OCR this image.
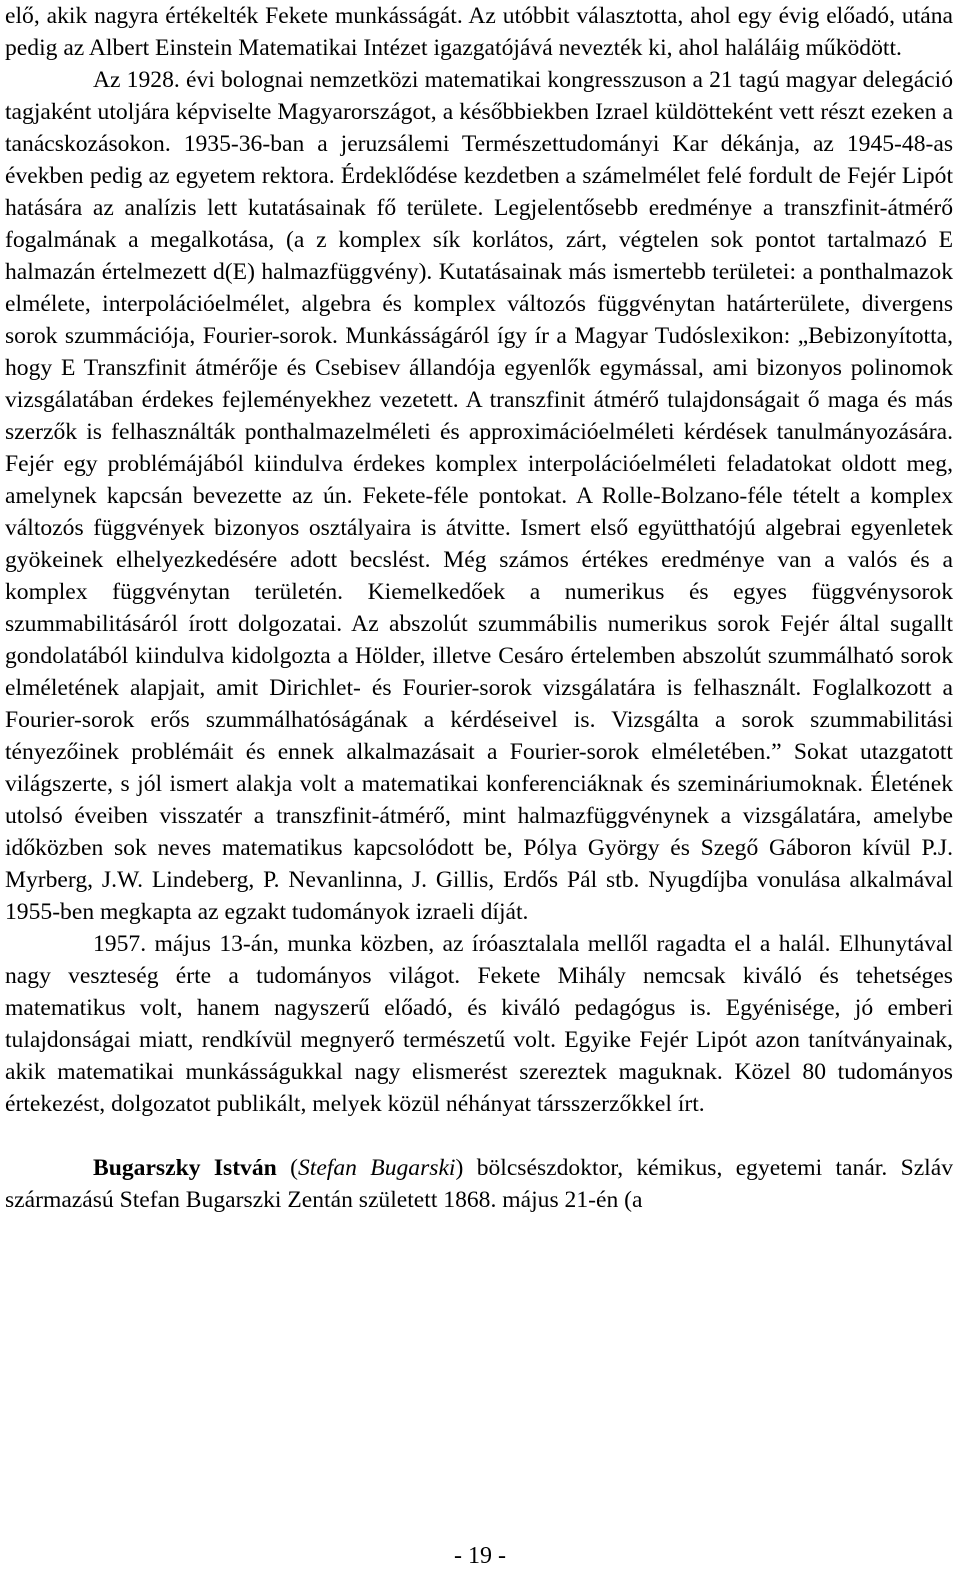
elő, akik nagyra értékelték Fekete munkásságát. Az utóbbit választotta, ahol egy évig előadó, utána pedig az Albert Einstein Matematikai Intézet igazgatójává nevezték ki, ahol haláláig működött.

Az 1928. évi bolognai nemzetközi matematikai kongresszuson a 21 tagú magyar delegáció tagjaként utoljára képviselte Magyarországot, a későbbiekben Izrael küldötteként vett részt ezeken a tanácskozásokon. 1935-36-ban a jeruzsálemi Természettudományi Kar dékánja, az 1945-48-as években pedig az egyetem rektora. Érdeklődése kezdetben a számelmélet felé fordult de Fejér Lipót hatására az analízis lett kutatásainak fő területe. Legjelentősebb eredménye a transzfinit-átmérő fogalmának a megalkotása, (a z komplex sík korlátos, zárt, végtelen sok pontot tartalmazó E halmazán értelmezett d(E) halmazfüggvény). Kutatásainak más ismertebb területei: a ponthalmazok elmélete, interpolációelmélet, algebra és komplex változós függvénytan határterülete, divergens sorok szummációja, Fourier-sorok. Munkásságáról így ír a Magyar Tudóslexikon: „Bebizonyította, hogy E Transzfinit átmérője és Csebisev állandója egyenlők egymással, ami bizonyos polinomok vizsgálatában érdekes fejleményekhez vezetett. A transzfinit átmérő tulajdonságait ő maga és más szerzők is felhasználták ponthalmazelméleti és approximációelméleti kérdések tanulmányozására. Fejér egy problémájából kiindulva érdekes komplex interpolációelméleti feladatokat oldott meg, amelynek kapcsán bevezette az ún. Fekete-féle pontokat. A Rolle-Bolzano-féle tételt a komplex változós függvények bizonyos osztályaira is átvitte. Ismert első együtthatójú algebrai egyenletek gyökeinek elhelyezkedésére adott becslést. Még számos értékes eredménye van a valós és a komplex függvénytan területén. Kiemelkedőek a numerikus és egyes függvénysorok szummabilitásáról írott dolgozatai. Az abszolút szummábilis numerikus sorok Fejér által sugallt gondolatából kiindulva kidolgozta a Hölder, illetve Cesáro értelemben abszolút szummálható sorok elméletének alapjait, amit Dirichlet- és Fourier-sorok vizsgálatára is felhasznált. Foglalkozott a Fourier-sorok erős szummálhatóságának a kérdéseivel is. Vizsgálta a sorok szummabilitási tényezőinek problémáit és ennek alkalmazásait a Fourier-sorok elméletében.” Sokat utazgatott világszerte, s jól ismert alakja volt a matematikai konferenciáknak és szemináriumoknak. Életének utolsó éveiben visszatér a transzfinit-átmérő, mint halmazfüggvénynek a vizsgálatára, amelybe időközben sok neves matematikus kapcsolódott be, Pólya György és Szegő Gáboron kívül P.J. Myrberg, J.W. Lindeberg, P. Nevanlinna, J. Gillis, Erdős Pál stb. Nyugdíjba vonulása alkalmával 1955-ben megkapta az egzakt tudományok izraeli díját.

1957. május 13-án, munka közben, az íróasztalala mellől ragadta el a halál. Elhunytával nagy veszteség érte a tudományos világot. Fekete Mihály nemcsak kiváló és tehetséges matematikus volt, hanem nagyszerű előadó, és kiváló pedagógus is. Egyénisége, jó emberi tulajdonságai miatt, rendkívül megnyerő természetű volt. Egyike Fejér Lipót azon tanítványainak, akik matematikai munkásságukkal nagy elismerést szereztek maguknak. Közel 80 tudományos értekezést, dolgozatot publikált, melyek közül néhányat társszerzőkkel írt.

Bugarszky István (Stefan Bugarski) bölcsészdoktor, kémikus, egyetemi tanár. Szláv származású Stefan Bugarszki Zentán született 1868. május 21-én (a

- 19 -
